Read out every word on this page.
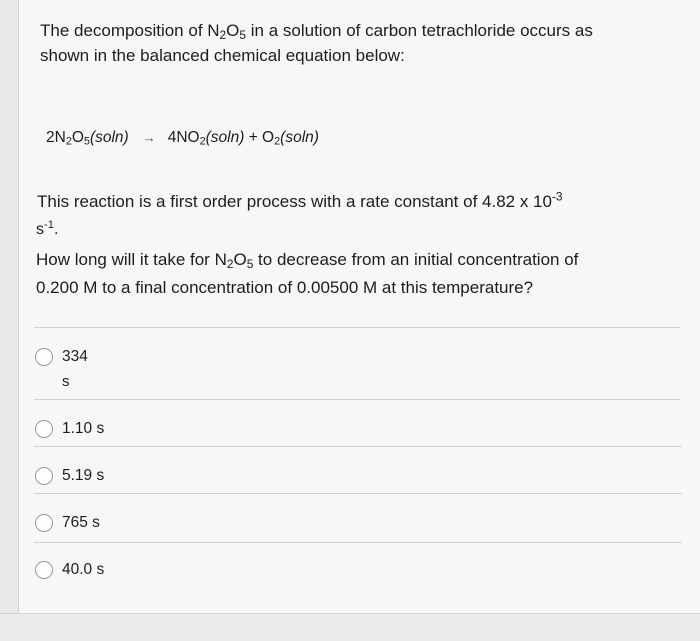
The decomposition of $N_2O_5$ in a solution of carbon tetrachloride occurs as
shown in the balanced chemical equation below:
$2N_2O_5(soln) \to 4NO_2(soln) + O_2(soln)$
This reaction is a first order process with a rate constant of 4.82 x $10^{-3}$
$s^{-1}$.
How long will it take for $N_2O_5$ to decrease from an initial concentration of
0.200 M to a final concentration of 0.00500 M at this temperature?
334
s
1.10 s
5.19 s
765 s
40.0 s
